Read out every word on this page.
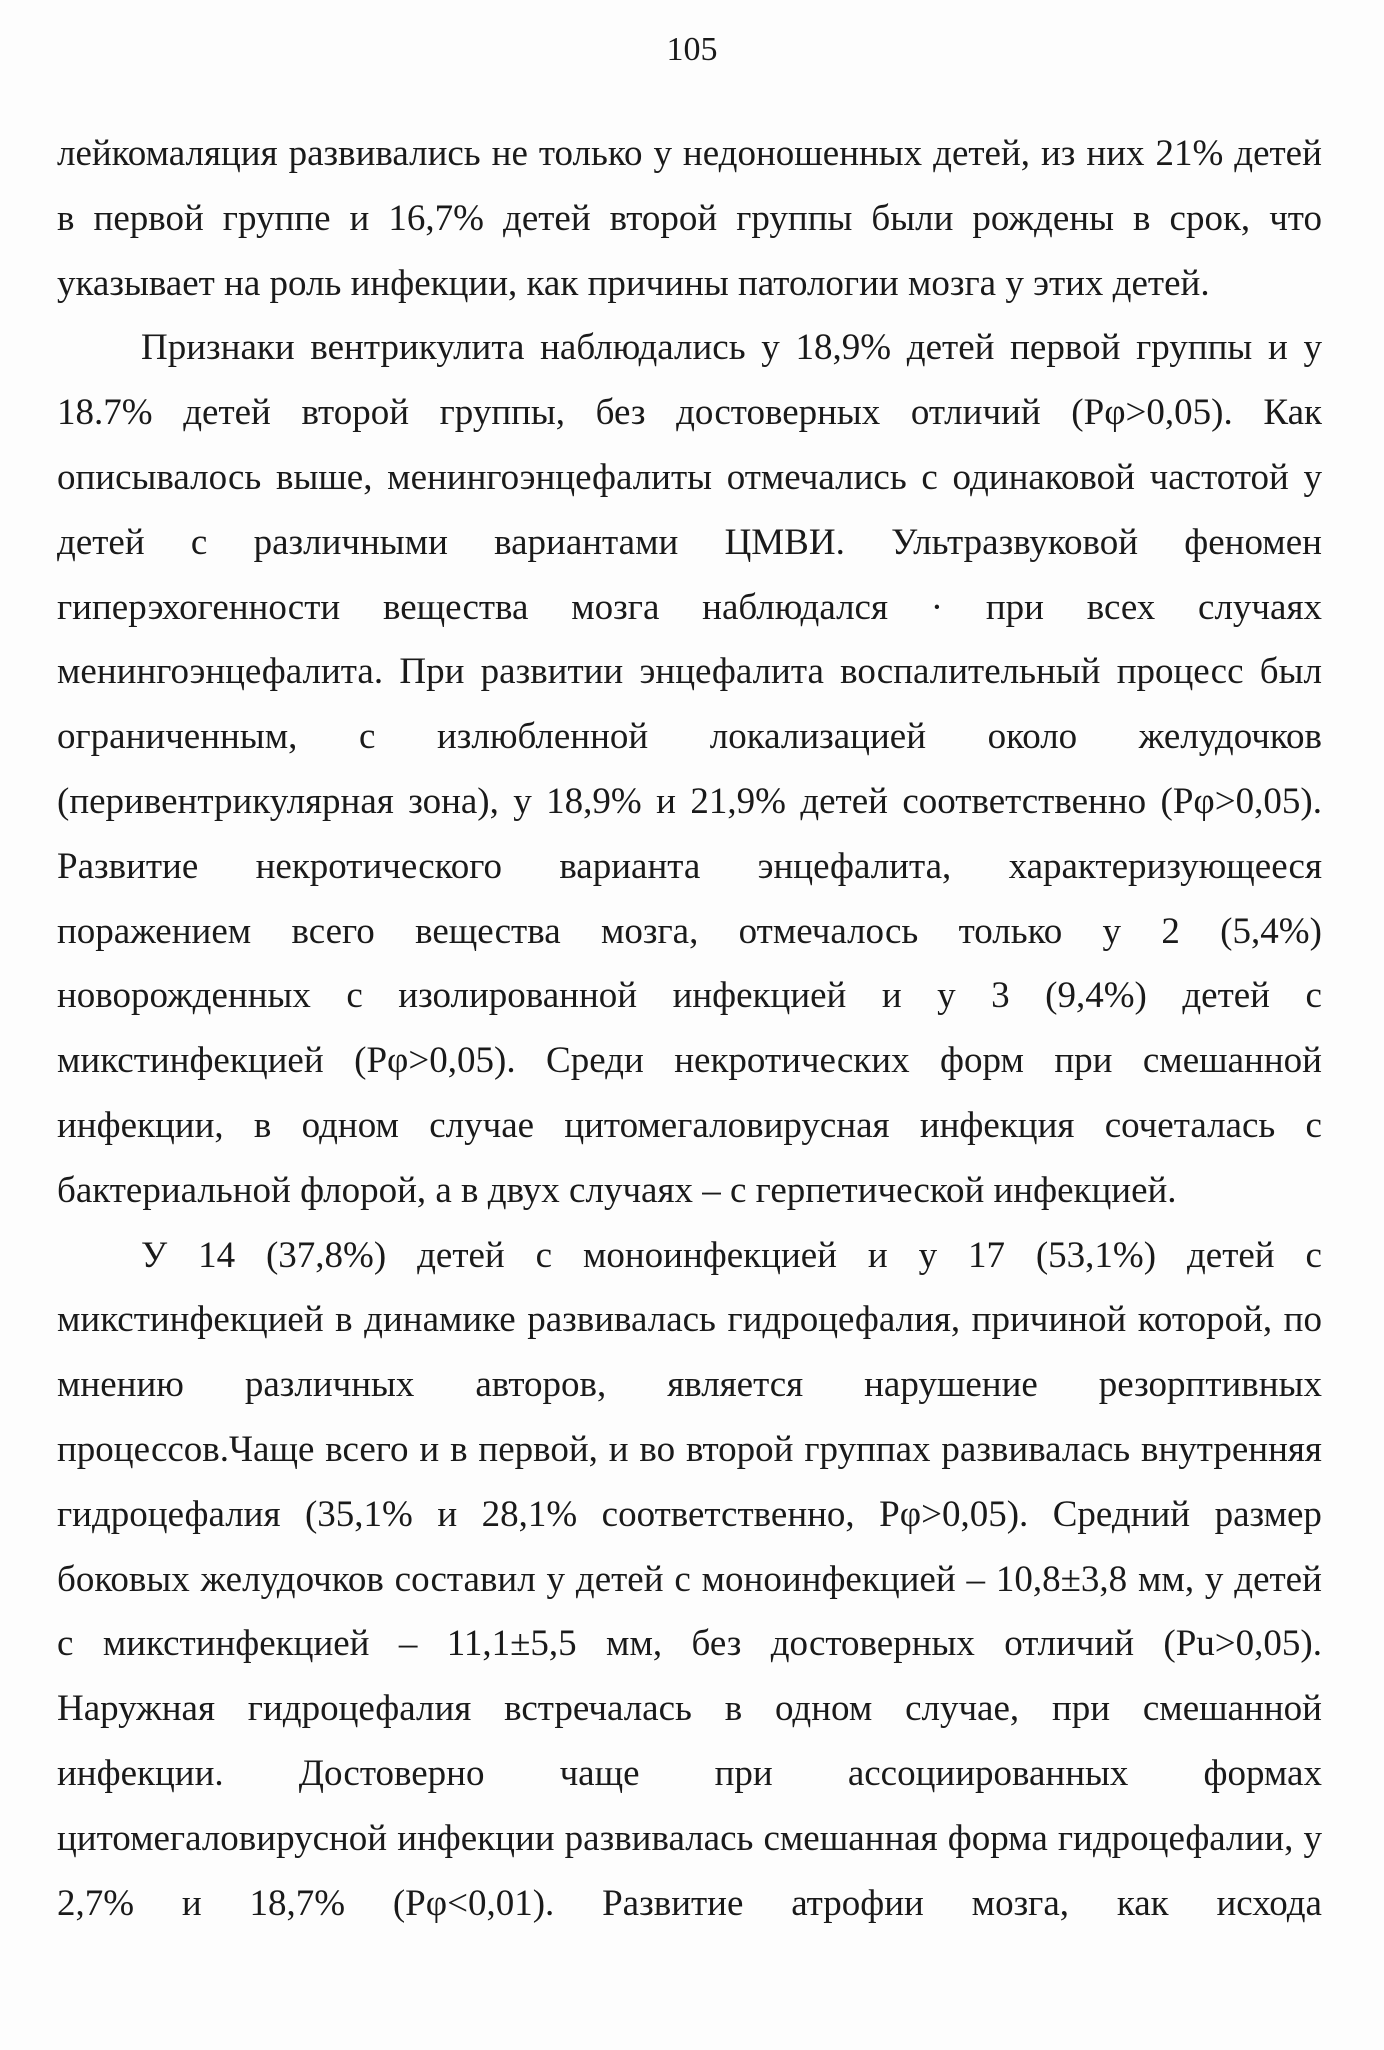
105
лейкомаляция развивались не только у недоношенных детей, из них 21% детей
в первой группе и 16,7% детей второй группы были рождены в срок, что
указывает на роль инфекции, как причины патологии мозга у этих детей.
Признаки вентрикулита наблюдались у 18,9% детей первой группы и у
18.7% детей второй группы, без достоверных отличий (Рφ>0,05). Как
описывалось выше, менингоэнцефалиты отмечались с одинаковой частотой у
детей с различными вариантами ЦМВИ. Ультразвуковой феномен
гиперэхогенности вещества мозга наблюдался · при всех случаях
менингоэнцефалита. При развитии энцефалита воспалительный процесс был
ограниченным, с излюбленной локализацией около желудочков
(перивентрикулярная зона), у 18,9% и 21,9% детей соответственно (Рφ>0,05).
Развитие некротического варианта энцефалита, характеризующееся
поражением всего вещества мозга, отмечалось только у 2 (5,4%)
новорожденных с изолированной инфекцией и у 3 (9,4%) детей с
микстинфекцией (Рφ>0,05). Среди некротических форм при смешанной
инфекции, в одном случае цитомегаловирусная инфекция сочеталась с
бактериальной флорой, а в двух случаях – с герпетической инфекцией.
У 14 (37,8%) детей с моноинфекцией и у 17 (53,1%) детей с
микстинфекцией в динамике развивалась гидроцефалия, причиной которой, по
мнению различных авторов, является нарушение резорптивных
процессов.Чаще всего и в первой, и во второй группах развивалась внутренняя
гидроцефалия (35,1% и 28,1% соответственно, Рφ>0,05). Средний размер
боковых желудочков составил у детей с моноинфекцией – 10,8±3,8 мм, у детей
с микстинфекцией – 11,1±5,5 мм, без достоверных отличий (Рu>0,05).
Наружная гидроцефалия встречалась в одном случае, при смешанной
инфекции. Достоверно чаще при ассоциированных формах
цитомегаловирусной инфекции развивалась смешанная форма гидроцефалии, у
2,7% и 18,7% (Рφ<0,01). Развитие атрофии мозга, как исхода
